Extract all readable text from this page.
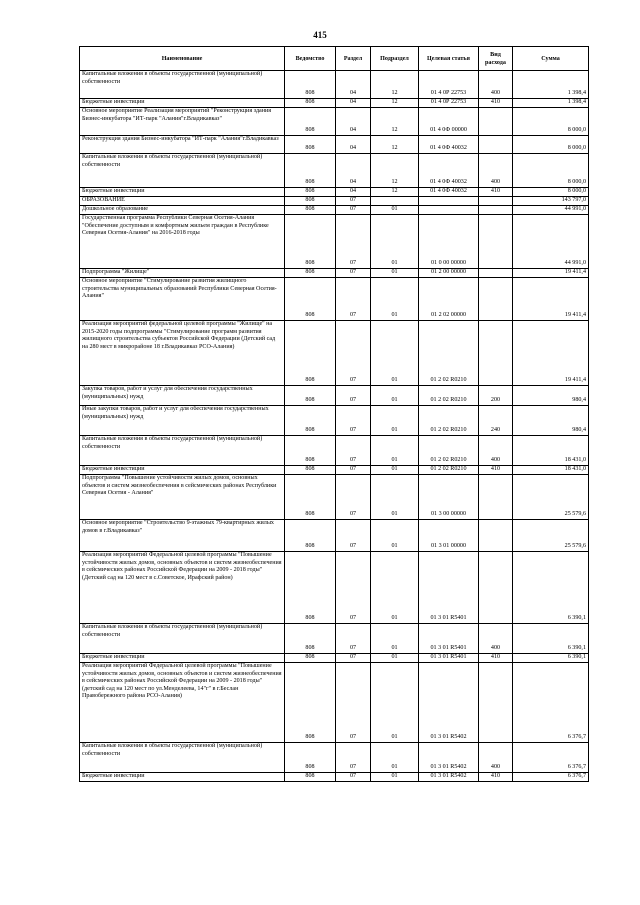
415
Наименование	Ведомство	Раздел	Подраздел	Целевая статья	Вид расхода	Сумма
Капитальные вложения в объекты государственной (муниципальной) собственности	808	04	12	01 4 0Р 22753	400	1 398,4
Бюджетные инвестиции	808	04	12	01 4 0Р 22753	410	1 398,4
Основное мероприятие Реализация мероприятий "Реконструкция здания Бизнес-инкубатора "ИТ-парк "Алания"г.Владикавказ"	808	04	12	01 4 0Ф 00000		8 000,0
Реконструкция здания Бизнес-инкубатора "ИТ-парк "Алания"г.Владикавказ	808	04	12	01 4 0Ф 40032		8 000,0
Капитальные вложения в объекты государственной (муниципальной) собственности	808	04	12	01 4 0Ф 40032	400	8 000,0
Бюджетные инвестиции	808	04	12	01 4 0Ф 40032	410	8 000,0
ОБРАЗОВАНИЕ	808	07				143 797,0
Дошкольное образование	808	07	01			44 991,0
Государственная программа Республики Северная Осетия-Алания "Обеспечение доступным и комфортным жильем граждан в Республике Северная Осетия-Алания" на 2016-2018 годы	808	07	01	01 0 00 00000		44 991,0
Подпрограмма "Жилище"	808	07	01	01 2 00 00000		19 411,4
Основное мероприятие "Стимулирование развития жилищного строительства муниципальных образований Республики Северная Осетия-Алания"	808	07	01	01 2 02 00000		19 411,4
Реализация мероприятий федеральной целевой программы "Жилище" на 2015-2020 годы подпрограммы "Стимулирование программ развития жилищного строительства субъектов Российской Федерации (Детский сад на 280 мест в микрорайоне 18 г.Владикавказ РСО-Алания)	808	07	01	01 2 02 R0210		19 411,4
Закупка товаров, работ и услуг для обеспечения государственных (муниципальных) нужд	808	07	01	01 2 02 R0210	200	980,4
Иные закупки товаров, работ и услуг для обеспечения государственных (муниципальных) нужд	808	07	01	01 2 02 R0210	240	980,4
Капитальные вложения в объекты государственной (муниципальной) собственности	808	07	01	01 2 02 R0210	400	18 431,0
Бюджетные инвестиции	808	07	01	01 2 02 R0210	410	18 431,0
Подпрограмма "Повышение устойчивости жилых домов, основных объектов и систем жизнеобеспечения в сейсмических районах Республики Северная Осетия - Алания"	808	07	01	01 3 00 00000		25 579,6
Основное мероприятие "Строительство 9-этажных 79-квартирных жилых домов в г.Владикавказ"	808	07	01	01 3 01 00000		25 579,6
Реализация мероприятий Федеральной целевой программы "Повышение устойчивости жилых домов, основных объектов и систем жизнеобеспечения в сейсмических районах Российской Федерации на 2009 - 2018 годы" (Детский сад на 120 мест в с.Советское, Ирафский район)	808	07	01	01 3 01 R5401		6 390,1
Капитальные вложения в объекты государственной (муниципальной) собственности	808	07	01	01 3 01 R5401	400	6 390,1
Бюджетные инвестиции	808	07	01	01 3 01 R5401	410	6 390,1
Реализация мероприятий Федеральной целевой программы "Повышение устойчивости жилых домов, основных объектов и систем жизнеобеспечения в сейсмических районах Российской Федерации на 2009 - 2018 годы" (детский сад на 120 мест по ул.Менделеева, 14"г" в г.Беслан Правобережного района РСО-Алания)	808	07	01	01 3 01 R5402		6 376,7
Капитальные вложения в объекты государственной (муниципальной) собственности	808	07	01	01 3 01 R5402	400	6 376,7
Бюджетные инвестиции	808	07	01	01 3 01 R5402	410	6 376,7
